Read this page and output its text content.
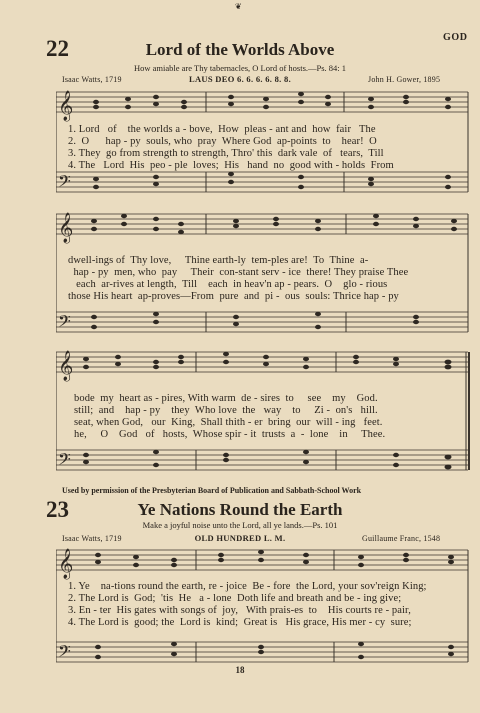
❦
GOD
22	Lord of the Worlds Above
How amiable are Thy tabernacles, O Lord of hosts.—Ps. 84: 1
Isaac Watts, 1719	LAUS DEO 6. 6. 6. 6. 8. 8.	John H. Gower, 1895
𝄞
𝄢
1. Lord   of    the worlds a - bove,  How  pleas - ant and  how  fair   The
2.  O      hap - py  souls, who  pray  Where God  ap-points  to    hear!  O
3. They  go from strength to strength, Thro' this  dark vale  of   tears,  Till
4. The   Lord  His  peo - ple  loves;  His   hand  no  good with - holds  From
𝄞
𝄢
dwell-ings of  Thy love,     Thine earth-ly  tem-ples are!  To  Thine  a-
hap - py  men, who  pay     Their  con-stant serv - ice  there! They praise Thee
each  ar-rives at length,  Till    each  in heav'n ap - pears.  O    glo - rious
those His heart  ap-proves—From  pure  and  pi -  ous  souls: Thrice hap - py
𝄞
𝄢
bode  my  heart as - pires, With warm  de - sires  to     see    my    God.
still;  and    hap - py    they  Who love  the   way    to     Zi -  on's   hill.
seat, when God,   our  King,  Shall thith - er  bring  our  will - ing   feet.
he,     O    God   of   hosts,  Whose spir - it  trusts  a  -  lone    in     Thee.
Used by permission of the Presbyterian Board of Publication and Sabbath-School Work
23	Ye Nations Round the Earth
Make a joyful noise unto the Lord, all ye lands.—Ps. 101
Isaac Watts, 1719	OLD HUNDRED L. M.	Guillaume Franc, 1548
𝄞
𝄢
1. Ye    na-tions round the earth, re - joice  Be - fore  the Lord, your sov'reign King;
2. The Lord is  God;  'tis  He   a - lone  Doth life and breath and be - ing give;
3. En - ter  His gates with songs of  joy,   With prais-es  to    His courts re - pair,
4. The Lord is  good; the  Lord is  kind;  Great is   His grace, His mer - cy  sure;
18
